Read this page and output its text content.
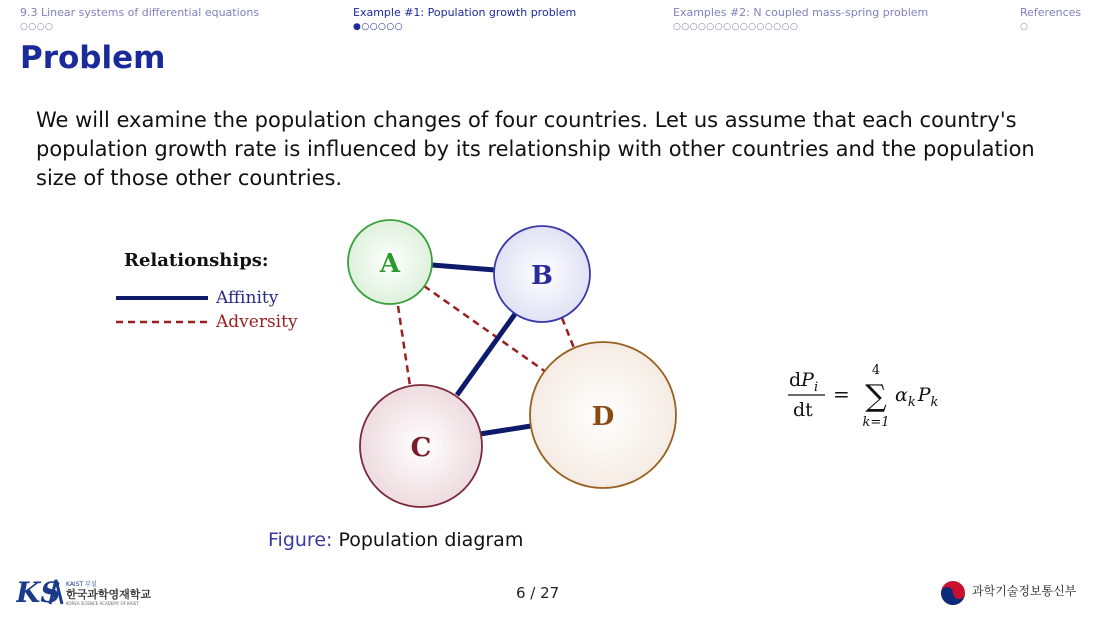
9.3 Linear systems of differential equations
○○○○
Example #1: Population growth problem
●○○○○○
Examples #2: N coupled mass-spring problem
○○○○○○○○○○○○○○○
References
○
Problem
We will examine the population changes of four countries. Let us assume that each country's population growth rate is influenced by its relationship with other countries and the population size of those other countries.
Relationships:
Affinity
Adversity
A	B
C
D
$dP_i$
dt
=
4
∑
k=1
$\alpha_k$ $P_k$
Figure: Population diagram
KS KAIST 부설
한국과학영재학교
KOREA SCIENCE ACADEMY OF KAIST
6 / 27	과학기술정보통신부
